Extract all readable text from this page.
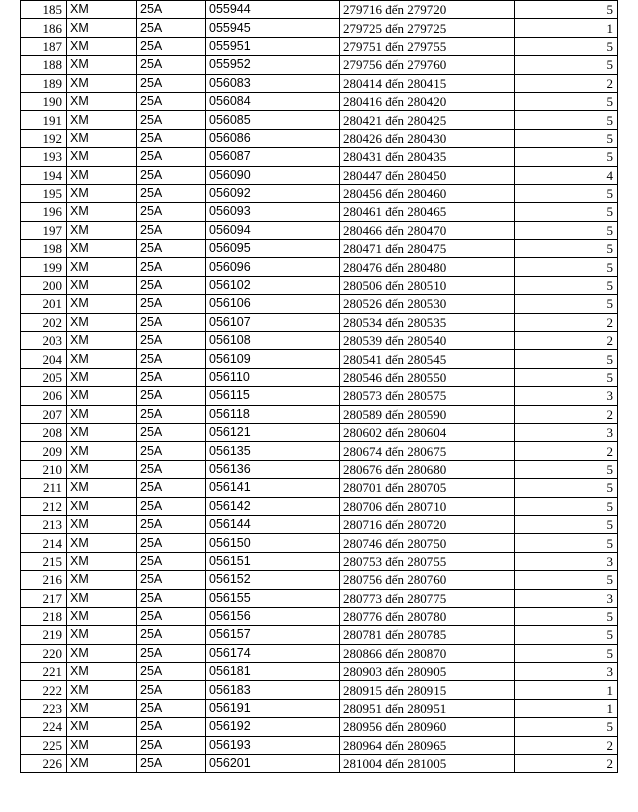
185	XM	25A	055944	279716 đến 279720	5
186	XM	25A	055945	279725 đến 279725	1
187	XM	25A	055951	279751 đến 279755	5
188	XM	25A	055952	279756 đến 279760	5
189	XM	25A	056083	280414 đến 280415	2
190	XM	25A	056084	280416 đến 280420	5
191	XM	25A	056085	280421 đến 280425	5
192	XM	25A	056086	280426 đến 280430	5
193	XM	25A	056087	280431 đến 280435	5
194	XM	25A	056090	280447 đến 280450	4
195	XM	25A	056092	280456 đến 280460	5
196	XM	25A	056093	280461 đến 280465	5
197	XM	25A	056094	280466 đến 280470	5
198	XM	25A	056095	280471 đến 280475	5
199	XM	25A	056096	280476 đến 280480	5
200	XM	25A	056102	280506 đến 280510	5
201	XM	25A	056106	280526 đến 280530	5
202	XM	25A	056107	280534 đến 280535	2
203	XM	25A	056108	280539 đến 280540	2
204	XM	25A	056109	280541 đến 280545	5
205	XM	25A	056110	280546 đến 280550	5
206	XM	25A	056115	280573 đến 280575	3
207	XM	25A	056118	280589 đến 280590	2
208	XM	25A	056121	280602 đến 280604	3
209	XM	25A	056135	280674 đến 280675	2
210	XM	25A	056136	280676 đến 280680	5
211	XM	25A	056141	280701 đến 280705	5
212	XM	25A	056142	280706 đến 280710	5
213	XM	25A	056144	280716 đến 280720	5
214	XM	25A	056150	280746 đến 280750	5
215	XM	25A	056151	280753 đến 280755	3
216	XM	25A	056152	280756 đến 280760	5
217	XM	25A	056155	280773 đến 280775	3
218	XM	25A	056156	280776 đến 280780	5
219	XM	25A	056157	280781 đến 280785	5
220	XM	25A	056174	280866 đến 280870	5
221	XM	25A	056181	280903 đến 280905	3
222	XM	25A	056183	280915 đến 280915	1
223	XM	25A	056191	280951 đến 280951	1
224	XM	25A	056192	280956 đến 280960	5
225	XM	25A	056193	280964 đến 280965	2
226	XM	25A	056201	281004 đến 281005	2
